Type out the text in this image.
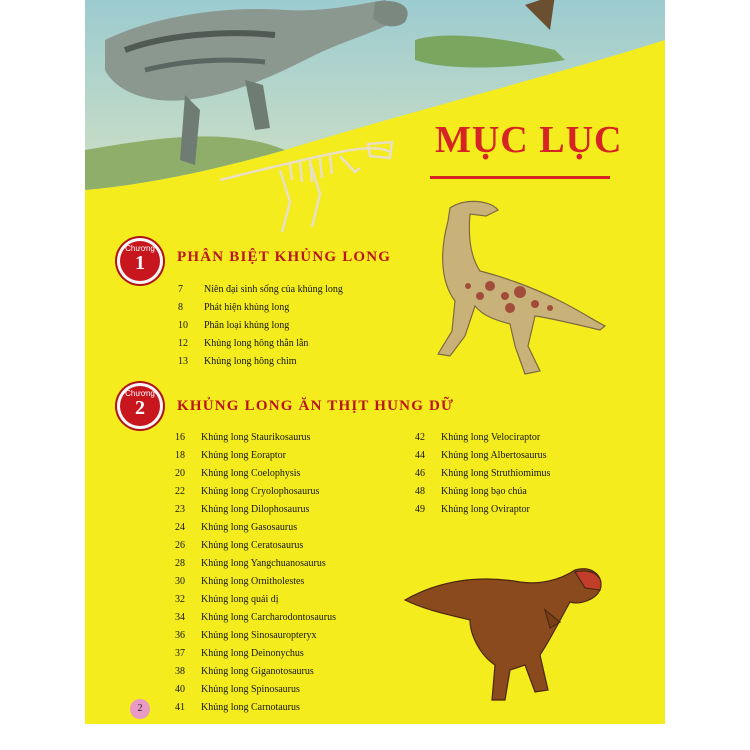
MỤC LỤC
Chương
1	PHÂN BIỆT KHỦNG LONG
7 Niên đại sinh sống của khủng long
8 Phát hiện khủng long
10 Phân loại khủng long
12 Khủng long hông thằn lằn
13 Khủng long hông chim
Chương
2	KHỦNG LONG ĂN THỊT HUNG DỮ
16 Khủng long Staurikosaurus
18 Khủng long Eoraptor
20 Khủng long Coelophysis
22 Khủng long Cryolophosaurus
23 Khủng long Dilophosaurus
24 Khủng long Gasosaurus
26 Khủng long Ceratosaurus
28 Khủng long Yangchuanosaurus
30 Khủng long Ornitholestes
32 Khủng long quái dị
34 Khủng long Carcharodontosaurus
36 Khủng long Sinosauropteryx
37 Khủng long Deinonychus
38 Khủng long Giganotosaurus
40 Khủng long Spinosaurus
41 Khủng long Carnotaurus
42 Khủng long Velociraptor
44 Khủng long Albertosaurus
46 Khủng long Struthiomimus
48 Khủng long bạo chúa
49 Khủng long Oviraptor
2
